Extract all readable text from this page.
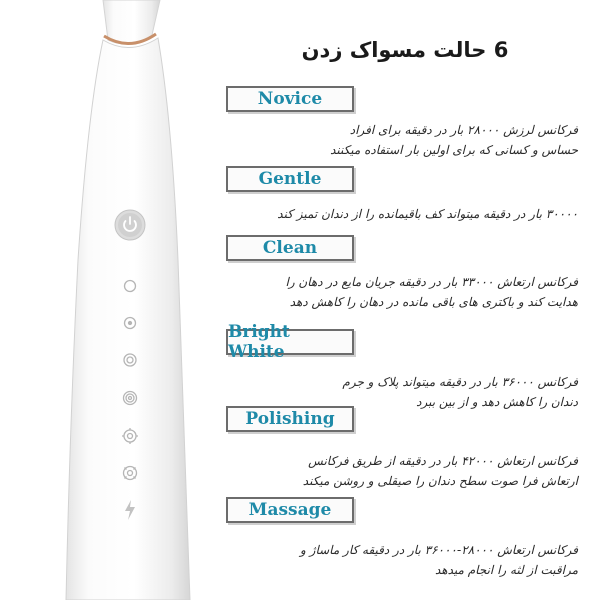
6 حالت مسواک زدن
Novice
فرکانس لرزش ۲۸۰۰۰ بار در دقیقه برای افراد
حساس و کسانی که برای اولین بار استفاده میکنند
Gentle
۳۰۰۰۰ بار در دقیقه میتواند کف باقیمانده را از دندان تمیز کند
Clean
فرکانس ارتعاش ۳۳۰۰۰ بار در دقیقه جریان مایع در دهان را
هدایت کند و باکتری های باقی مانده در دهان را کاهش دهد
Bright White
فرکانس ۳۶۰۰۰ بار در دقیقه میتواند پلاک و جرم
دندان را کاهش دهد و از بین ببرد
Polishing
فرکانس ارتعاش ۴۲۰۰۰ بار در دقیقه از طریق فرکانس
ارتعاش فرا صوت سطح دندان را صیقلی و روشن میکند
Massage
فرکانس ارتعاش ۲۸۰۰۰-۳۶۰۰۰ بار در دقیقه کار ماساژ و
مراقبت از لثه را انجام میدهد
